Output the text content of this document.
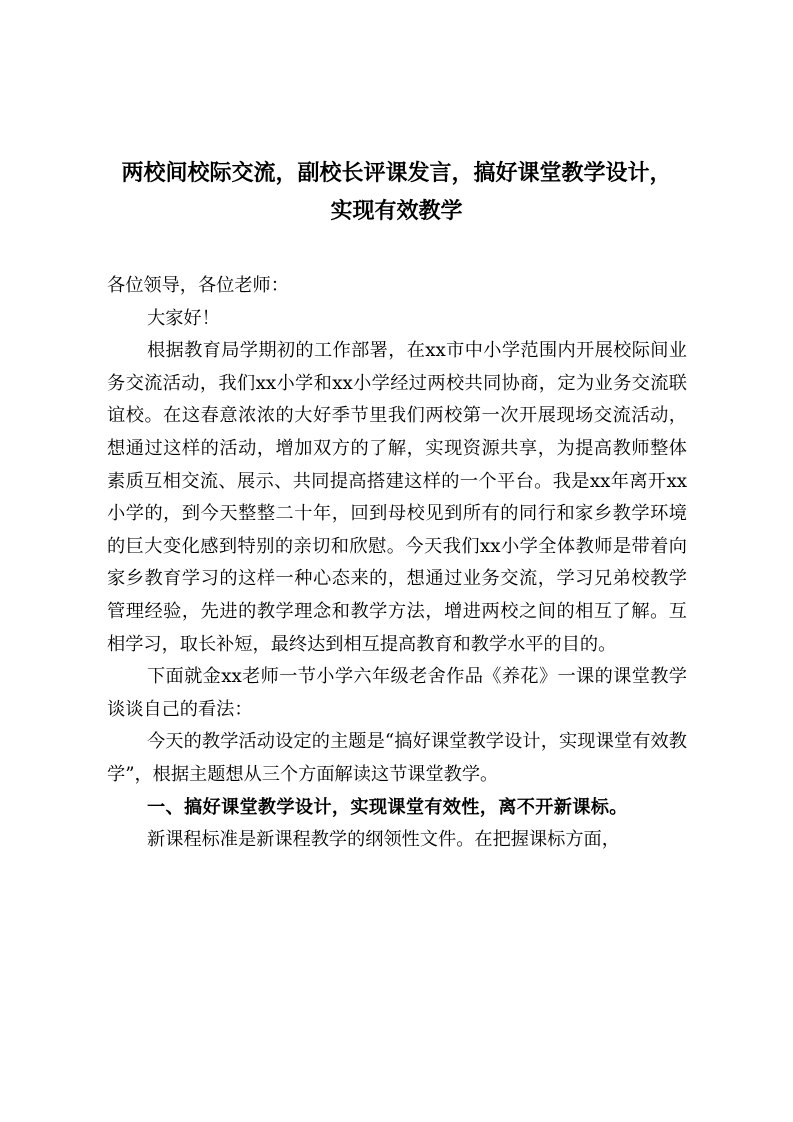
两校间校际交流，副校长评课发言，搞好课堂教学设计，
实现有效教学

各位领导，各位老师：

大家好！

根据教育局学期初的工作部署，在xx市中小学范围内开展校际间业务交流活动，我们xx小学和xx小学经过两校共同协商，定为业务交流联谊校。在这春意浓浓的大好季节里我们两校第一次开展现场交流活动，想通过这样的活动，增加双方的了解，实现资源共享，为提高教师整体素质互相交流、展示、共同提高搭建这样的一个平台。我是xx年离开xx小学的，到今天整整二十年，回到母校见到所有的同行和家乡教学环境的巨大变化感到特别的亲切和欣慰。今天我们xx小学全体教师是带着向家乡教育学习的这样一种心态来的，想通过业务交流，学习兄弟校教学管理经验，先进的教学理念和教学方法，增进两校之间的相互了解。互相学习，取长补短，最终达到相互提高教育和教学水平的目的。

下面就金xx老师一节小学六年级老舍作品《养花》一课的课堂教学谈谈自己的看法：

今天的教学活动设定的主题是“搞好课堂教学设计，实现课堂有效教学”，根据主题想从三个方面解读这节课堂教学。

一、搞好课堂教学设计，实现课堂有效性，离不开新课标。

新课程标准是新课程教学的纲领性文件。在把握课标方面，
